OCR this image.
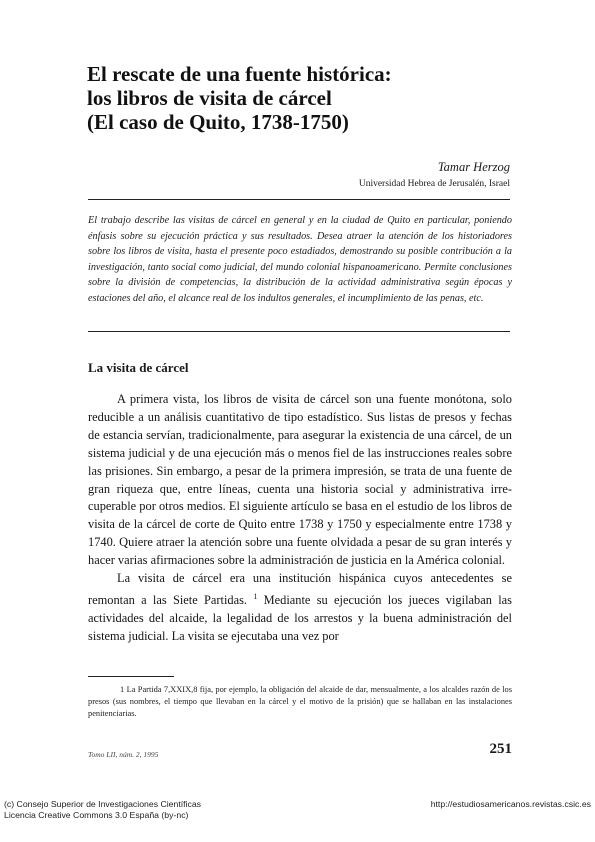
El rescate de una fuente histórica:
los libros de visita de cárcel
(El caso de Quito, 1738-1750)
Tamar Herzog
Universidad Hebrea de Jerusalén, Israel
El trabajo describe las visitas de cárcel en general y en la ciudad de Quito en particular, poniendo énfasis sobre su ejecución práctica y sus resultados. Desea atraer la atención de los historiadores sobre los libros de visita, hasta el presente poco estadiados, demostrando su posible contribución a la investigación, tanto social como judicial, del mundo colonial hispanoamericano. Permite conclusiones sobre la división de competencias, la distribución de la actividad administrativa según épocas y estaciones del año, el alcance real de los indultos generales, el incumplimiento de las penas, etc.
La visita de cárcel

A primera vista, los libros de visita de cárcel son una fuente monótona, solo reducible a un análisis cuantitativo de tipo estadístico. Sus listas de presos y fechas de estancia servían, tradicionalmente, para asegurar la existencia de una cárcel, de un sistema judicial y de una ejecución más o menos fiel de las instrucciones reales sobre las prisiones. Sin embargo, a pesar de la primera impresión, se trata de una fuente de gran riqueza que, entre líneas, cuenta una historia social y administrativa irrecuperable por otros medios. El siguiente artículo se basa en el estudio de los libros de visita de la cárcel de corte de Quito entre 1738 y 1750 y especialmente entre 1738 y 1740. Quiere atraer la atención sobre una fuente olvidada a pesar de su gran interés y hacer varias afirmaciones sobre la administración de justicia en la América colonial.

La visita de cárcel era una institución hispánica cuyos antecedentes se remontan a las Siete Partidas. $^1$ Mediante su ejecución los jueces vigilaban las actividades del alcaide, la legalidad de los arrestos y la buena administración del sistema judicial. La visita se ejecutaba una vez por

1 La Partida 7,XXIX,8 fija, por ejemplo, la obligación del alcaide de dar, mensualmente, a los alcaldes razón de los presos (sus nombres, el tiempo que llevaban en la cárcel y el motivo de la prisión) que se hallaban en las instalaciones penitenciarias.

Tomo LII, núm. 2, 1995	251
(c) Consejo Superior de Investigaciones Científicas
Licencia Creative Commons 3.0 España (by-nc)
http://estudiosamericanos.revistas.csic.es
